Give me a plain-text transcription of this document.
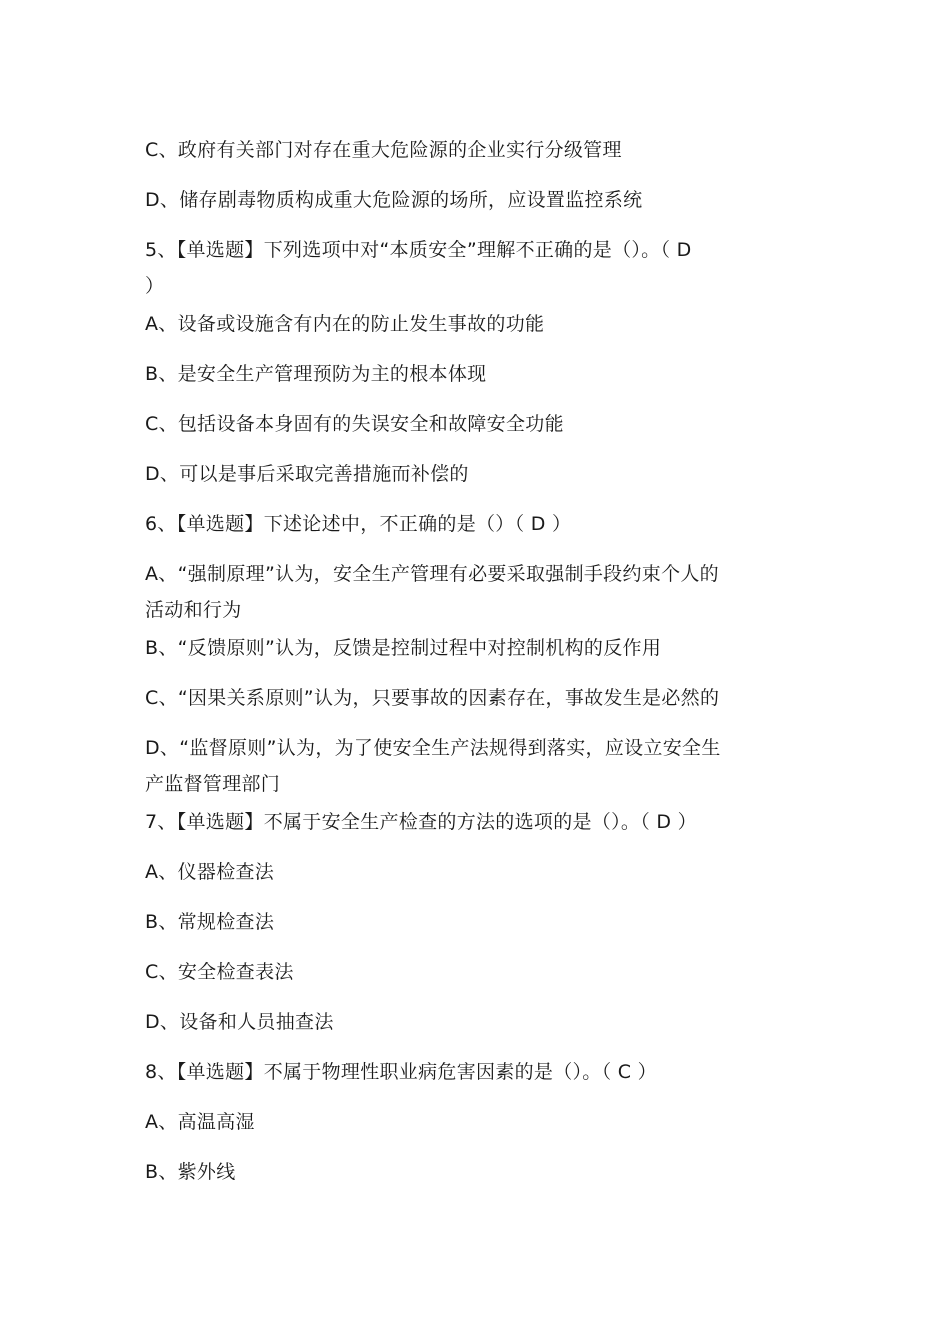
C、政府有关部门对存在重大危险源的企业实行分级管理
D、储存剧毒物质构成重大危险源的场所，应设置监控系统
5、【单选题】下列选项中对“本质安全”理解不正确的是（）。（ D
）
A、设备或设施含有内在的防止发生事故的功能
B、是安全生产管理预防为主的根本体现
C、包括设备本身固有的失误安全和故障安全功能
D、可以是事后采取完善措施而补偿的
6、【单选题】下述论述中，不正确的是（）（ D ）
A、“强制原理”认为，安全生产管理有必要采取强制手段约束个人的
活动和行为
B、“反馈原则”认为，反馈是控制过程中对控制机构的反作用
C、“因果关系原则”认为，只要事故的因素存在，事故发生是必然的
D、“监督原则”认为，为了使安全生产法规得到落实，应设立安全生
产监督管理部门
7、【单选题】不属于安全生产检查的方法的选项的是（）。（ D ）
A、仪器检查法
B、常规检查法
C、安全检查表法
D、设备和人员抽查法
8、【单选题】不属于物理性职业病危害因素的是（）。（ C ）
A、高温高湿
B、紫外线
